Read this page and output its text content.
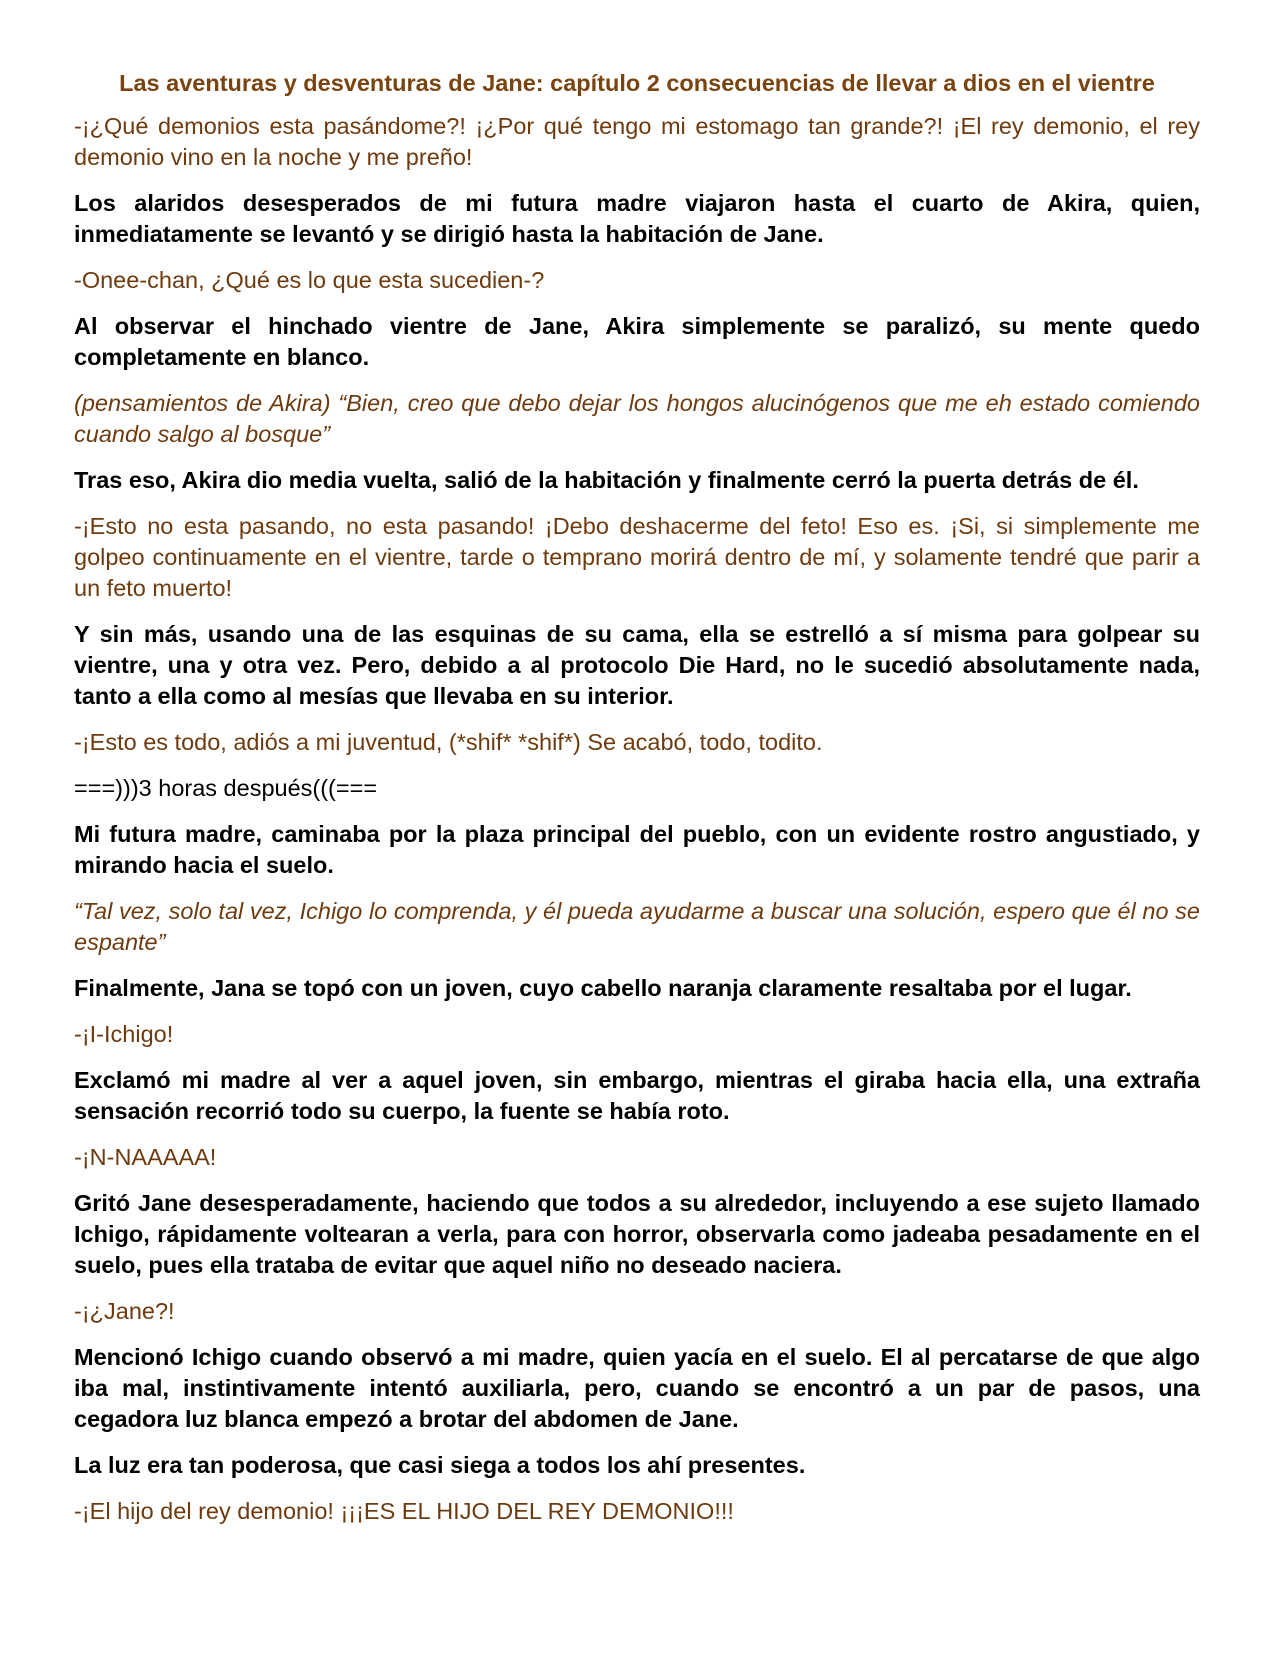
Las aventuras y desventuras de Jane: capítulo 2 consecuencias de llevar a dios en el vientre

-¡¿Qué demonios esta pasándome?! ¡¿Por qué tengo mi estomago tan grande?! ¡El rey demonio, el rey demonio vino en la noche y me preño!

Los alaridos desesperados de mi futura madre viajaron hasta el cuarto de Akira, quien, inmediatamente se levantó y se dirigió hasta la habitación de Jane.

-Onee-chan, ¿Qué es lo que esta sucedien-?

Al observar el hinchado vientre de Jane, Akira simplemente se paralizó, su mente quedo completamente en blanco.

(pensamientos de Akira) “Bien, creo que debo dejar los hongos alucinógenos que me eh estado comiendo cuando salgo al bosque”

Tras eso, Akira dio media vuelta, salió de la habitación y finalmente cerró la puerta detrás de él.

-¡Esto no esta pasando, no esta pasando! ¡Debo deshacerme del feto! Eso es. ¡Si, si simplemente me golpeo continuamente en el vientre, tarde o temprano morirá dentro de mí, y solamente tendré que parir a un feto muerto!

Y sin más, usando una de las esquinas de su cama, ella se estrelló a sí misma para golpear su vientre, una y otra vez. Pero, debido a al protocolo Die Hard, no le sucedió absolutamente nada, tanto a ella como al mesías que llevaba en su interior.

-¡Esto es todo, adiós a mi juventud, (*shif* *shif*) Se acabó, todo, todito.

===)))3 horas después(((===

Mi futura madre, caminaba por la plaza principal del pueblo, con un evidente rostro angustiado, y mirando hacia el suelo.

“Tal vez, solo tal vez, Ichigo lo comprenda, y él pueda ayudarme a buscar una solución, espero que él no se espante”

Finalmente, Jana se topó con un joven, cuyo cabello naranja claramente resaltaba por el lugar.

-¡I-Ichigo!

Exclamó mi madre al ver a aquel joven, sin embargo, mientras el giraba hacia ella, una extraña sensación recorrió todo su cuerpo, la fuente se había roto.

-¡N-NAAAAA!

Gritó Jane desesperadamente, haciendo que todos a su alrededor, incluyendo a ese sujeto llamado Ichigo, rápidamente voltearan a verla, para con horror, observarla como jadeaba pesadamente en el suelo, pues ella trataba de evitar que aquel niño no deseado naciera.

-¡¿Jane?!

Mencionó Ichigo cuando observó a mi madre, quien yacía en el suelo. El al percatarse de que algo iba mal, instintivamente intentó auxiliarla, pero, cuando se encontró a un par de pasos, una cegadora luz blanca empezó a brotar del abdomen de Jane.

La luz era tan poderosa, que casi siega a todos los ahí presentes.

-¡El hijo del rey demonio! ¡¡¡ES EL HIJO DEL REY DEMONIO!!!
